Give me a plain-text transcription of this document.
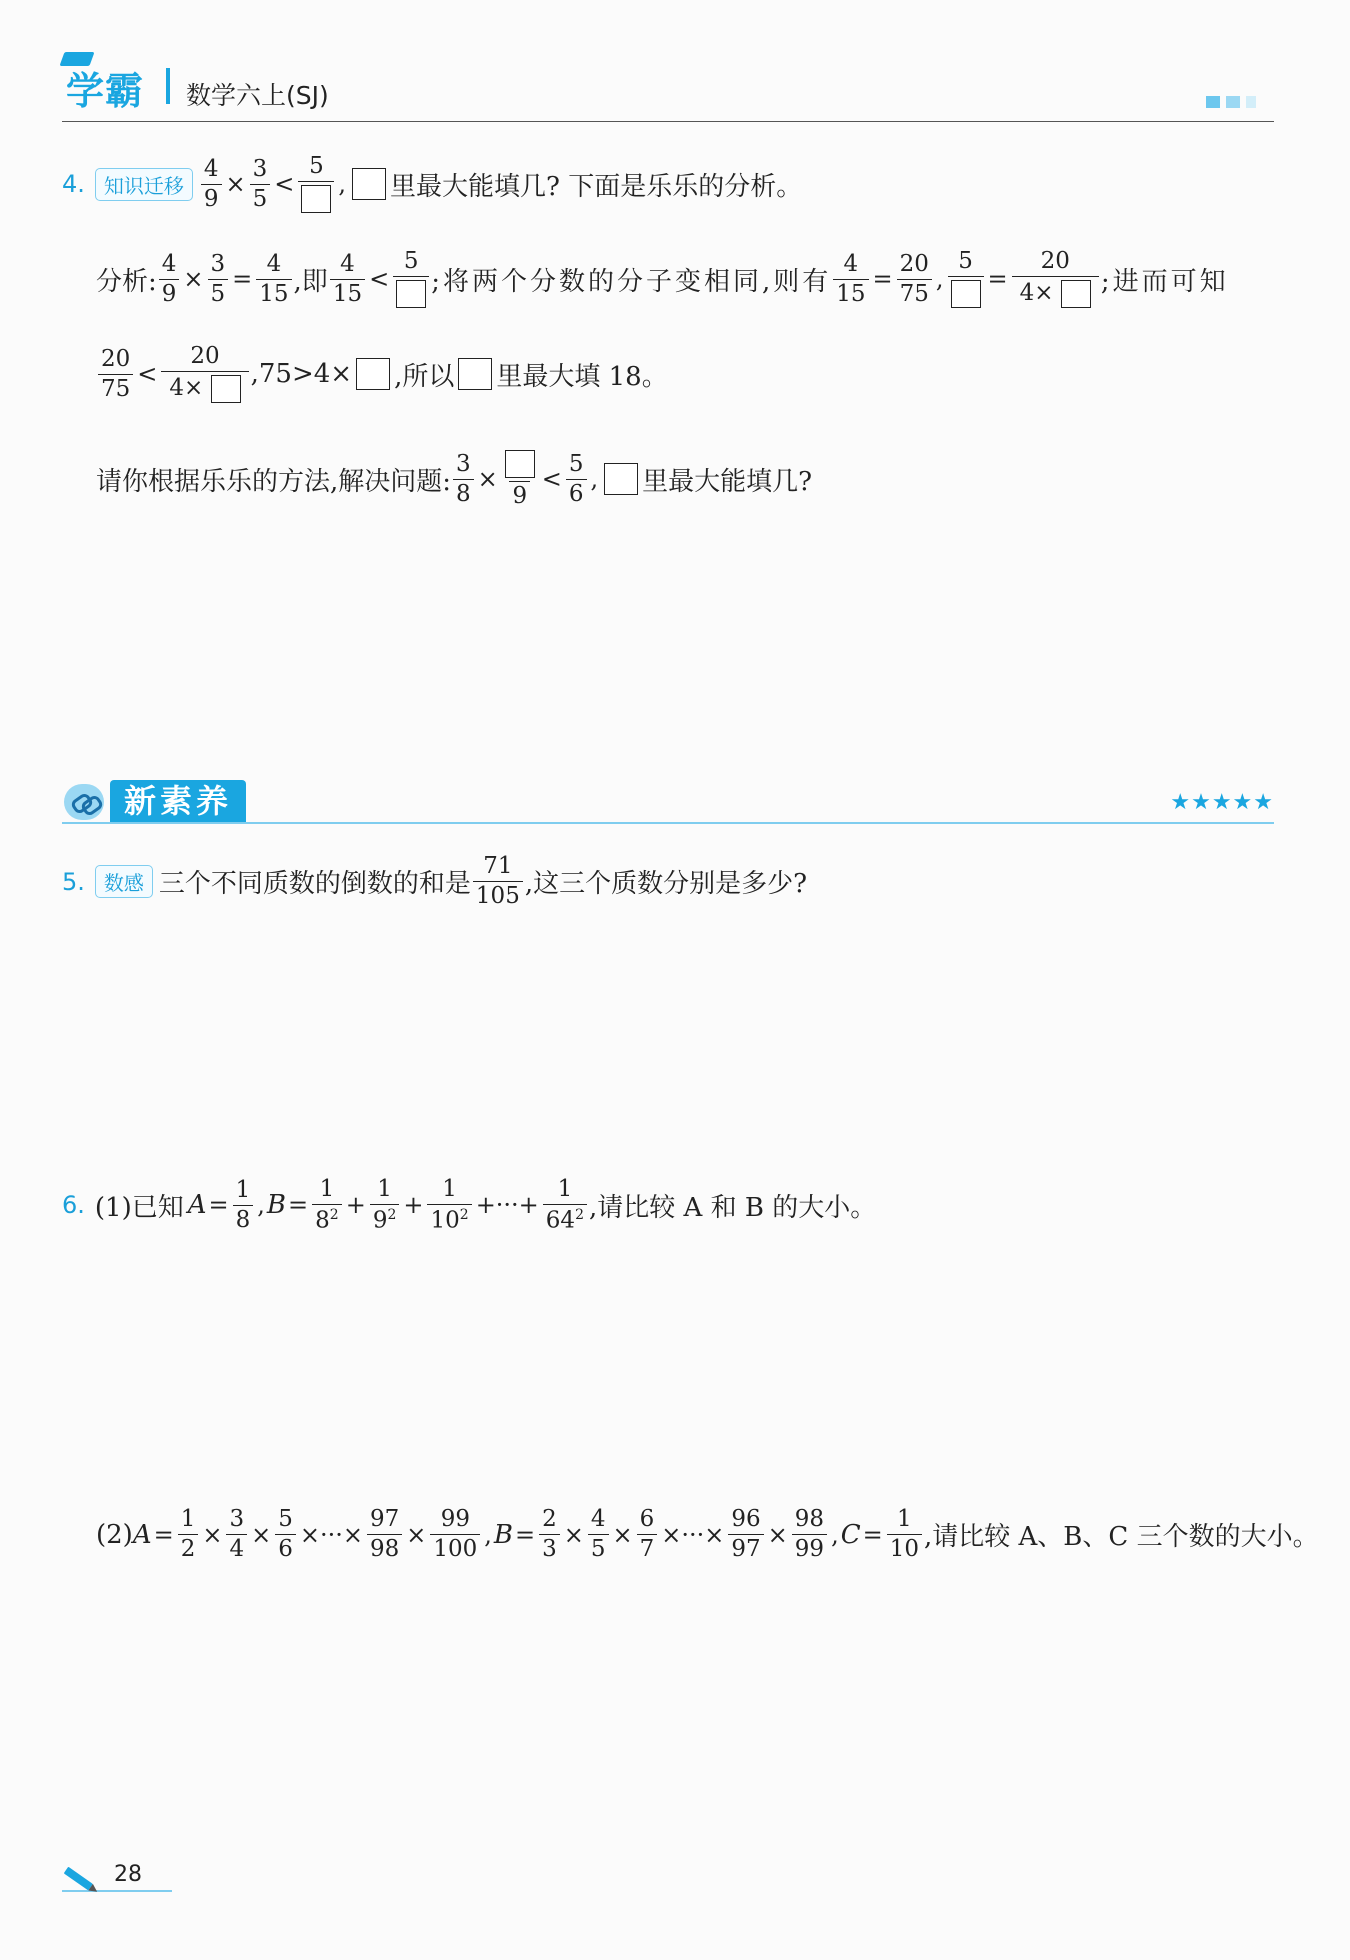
学霸 数学六上(SJ)
4. 知识迁移 $\frac{4}{9} \times \frac{3}{5}$ <
5
, 里最大能填几? 下面是乐乐的分析。
分析: $\frac{4}{9} \times \frac{3}{5} = \frac{4}{15}$ ,即 $\frac{4}{15}$ <
5
;将两个分数的分子变相同,则有 $\frac{4}{15} = \frac{20}{75}$ ,
5
= $\frac{20}{4\times}$ ;进而可知
$\frac{20}{75} < \frac{20}{4\times} ,75>4\times$ ,所以 里最大填 18。
请你根据乐乐的方法,解决问题: $\frac{3}{8}$ ×
9
< $\frac{5}{6}$ , 里最大能填几?
新素养	★★★★★
5. 数感 三个不同质数的倒数的和是 $\frac{71}{105}$ ,这三个质数分别是多少?
6. (1)已知 $A = \frac{1}{8}$ , $B = \frac{1}{8^2} + \frac{1}{9^2} + \frac{1}{10^2}$ +···+ $\frac{1}{64^2}$ ,请比较 A 和 B 的大小。
(2) $A = \frac{1}{2} \times \frac{3}{4} \times \frac{5}{6}$ ×···× $\frac{97}{98} \times \frac{99}{100}$ , $B = \frac{2}{3} \times \frac{4}{5} \times \frac{6}{7}$ ×···× $\frac{96}{97} \times \frac{98}{99}$ , $C = \frac{1}{10}$ ,请比较 A、B、C 三个数的大小。
28
